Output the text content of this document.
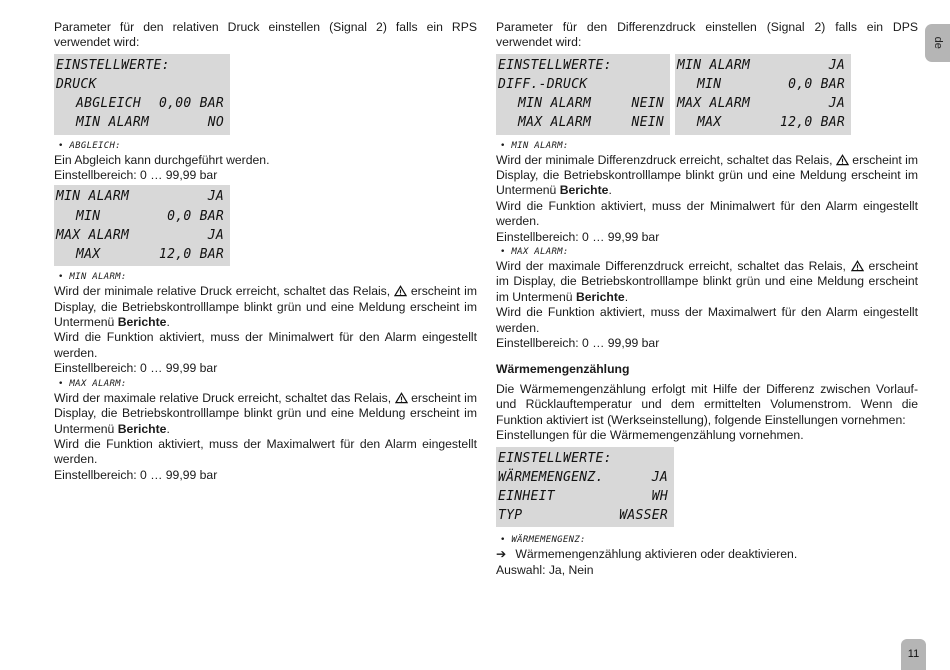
Parameter für den relativen Druck einstellen (Signal 2) falls ein RPS verwendet wird:

EINSTELLWERTE:
DRUCK
ABGLEICH 0,00 BAR
MIN ALARM	NO
• ABGLEICH:

Ein Abgleich kann durchgeführt werden.

Einstellbereich: 0 … 99,99 bar

MIN ALARM	JA
MIN	0,0 BAR
MAX ALARM	JA
MAX	12,0 BAR
• MIN ALARM:

Wird der minimale relative Druck erreicht, schaltet das Relais, erscheint im Display, die Betriebskontrolllampe blinkt grün und eine Meldung erscheint im Untermenü Berichte.

Wird die Funktion aktiviert, muss der Minimalwert für den Alarm eingestellt werden.

Einstellbereich: 0 … 99,99 bar

• MAX ALARM:

Wird der maximale relative Druck erreicht, schaltet das Relais, erscheint im Display, die Betriebskontrolllampe blinkt grün und eine Meldung erscheint im Untermenü Berichte.

Wird die Funktion aktiviert, muss der Maximalwert für den Alarm eingestellt werden.

Einstellbereich: 0 … 99,99 bar

Parameter für den Differenzdruck einstellen (Signal 2) falls ein DPS verwendet wird:

EINSTELLWERTE:
DIFF.-DRUCK
MIN ALARM	NEIN
MAX ALARM	NEIN
MIN ALARM	JA
MIN	0,0 BAR
MAX ALARM	JA
MAX	12,0 BAR
• MIN ALARM:

Wird der minimale Differenzdruck erreicht, schaltet das Relais, erscheint im Display, die Betriebskontrolllampe blinkt grün und eine Meldung erscheint im Untermenü Berichte.

Wird die Funktion aktiviert, muss der Minimalwert für den Alarm eingestellt werden.

Einstellbereich: 0 … 99,99 bar

• MAX ALARM:

Wird der maximale Differenzdruck erreicht, schaltet das Relais, erscheint im Display, die Betriebskontrolllampe blinkt grün und eine Meldung erscheint im Untermenü Berichte.

Wird die Funktion aktiviert, muss der Maximalwert für den Alarm eingestellt werden.

Einstellbereich: 0 … 99,99 bar

Wärmemengenzählung

Die Wärmemengenzählung erfolgt mit Hilfe der Differenz zwischen Vorlauf- und Rücklauftemperatur und dem ermittelten Volumenstrom. Wenn die Funktion aktiviert ist (Werkseinstellung), folgende Einstellungen vornehmen:

Einstellungen für die Wärmemengenzählung vornehmen.

EINSTELLWERTE:
WÄRMEMENGENZ.	JA
EINHEIT	WH
TYP	WASSER
• WÄRMEMENGENZ:

➔ Wärmemengenzählung aktivieren oder deaktivieren.

Auswahl: Ja, Nein

de
11
